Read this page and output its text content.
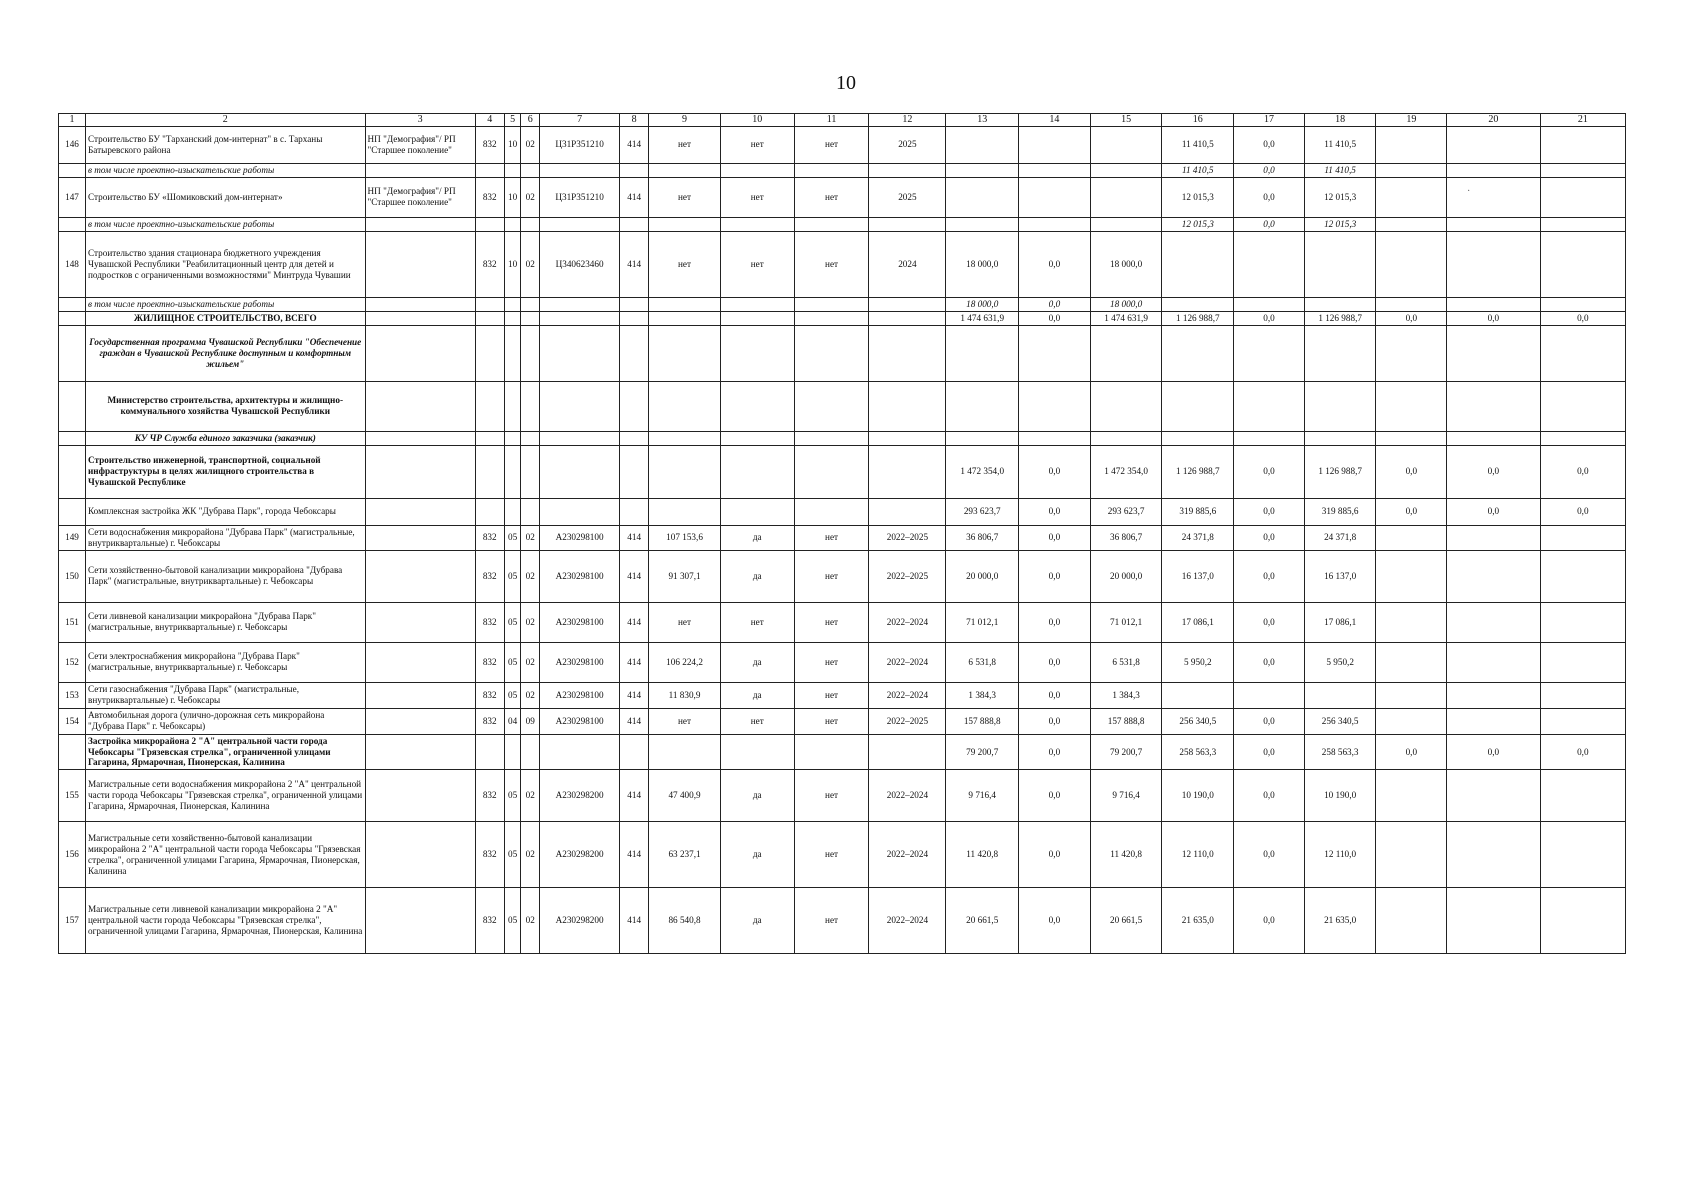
10
·
1	2	3	4	5	6	7	8	9	10	11	12	13	14	15	16	17	18	19	20	21
146	Строительство БУ "Тарханский дом-интернат" в с. Тарханы Батыревского района	НП "Демография"/ РП "Старшее поколение"	832	10	02	Ц31P351210	414	нет	нет	нет	2025				11 410,5	0,0	11 410,5			
	в том числе проектно-изыскательские работы														11 410,5	0,0	11 410,5			
147	Строительство БУ «Шомиковский дом-интернат»	НП "Демография"/ РП "Старшее поколение"	832	10	02	Ц31P351210	414	нет	нет	нет	2025				12 015,3	0,0	12 015,3			
	в том числе проектно-изыскательские работы														12 015,3	0,0	12 015,3			
148	Строительство здания стационара бюджетного учреждения Чувашской Республики "Реабилитационный центр для детей и подростков с ограниченными возможностями" Минтруда Чувашии		832	10	02	Ц340623460	414	нет	нет	нет	2024	18 000,0	0,0	18 000,0						
	в том числе проектно-изыскательские работы											18 000,0	0,0	18 000,0						
	ЖИЛИЩНОЕ СТРОИТЕЛЬСТВО, ВСЕГО											1 474 631,9	0,0	1 474 631,9	1 126 988,7	0,0	1 126 988,7	0,0	0,0	0,0
	Государственная программа Чувашской Республики "Обеспечение граждан в Чувашской Республике доступным и комфортным жильем"																			
	Министерство строительства, архитектуры и жилищно-коммунального хозяйства Чувашской Республики																			
	КУ ЧР Служба единого заказчика (заказчик)																			
	Строительство инженерной, транспортной, социальной инфраструктуры в целях жилищного строительства в Чувашской Республике											1 472 354,0	0,0	1 472 354,0	1 126 988,7	0,0	1 126 988,7	0,0	0,0	0,0
	Комплексная застройка ЖК "Дубрава Парк", города Чебоксары											293 623,7	0,0	293 623,7	319 885,6	0,0	319 885,6	0,0	0,0	0,0
149	Сети водоснабжения микрорайона "Дубрава Парк" (магистральные, внутриквартальные) г. Чебоксары		832	05	02	А230298100	414	107 153,6	да	нет	2022–2025	36 806,7	0,0	36 806,7	24 371,8	0,0	24 371,8			
150	Сети хозяйственно-бытовой канализации микрорайона "Дубрава Парк" (магистральные, внутриквартальные) г. Чебоксары		832	05	02	А230298100	414	91 307,1	да	нет	2022–2025	20 000,0	0,0	20 000,0	16 137,0	0,0	16 137,0			
151	Сети ливневой канализации микрорайона "Дубрава Парк" (магистральные, внутриквартальные) г. Чебоксары		832	05	02	А230298100	414	нет	нет	нет	2022–2024	71 012,1	0,0	71 012,1	17 086,1	0,0	17 086,1			
152	Сети электроснабжения микрорайона "Дубрава Парк" (магистральные, внутриквартальные) г. Чебоксары		832	05	02	А230298100	414	106 224,2	да	нет	2022–2024	6 531,8	0,0	6 531,8	5 950,2	0,0	5 950,2			
153	Сети газоснабжения "Дубрава Парк" (магистральные, внутриквартальные) г. Чебоксары		832	05	02	А230298100	414	11 830,9	да	нет	2022–2024	1 384,3	0,0	1 384,3						
154	Автомобильная дорога (улично-дорожная сеть микрорайона "Дубрава Парк" г. Чебоксары)		832	04	09	А230298100	414	нет	нет	нет	2022–2025	157 888,8	0,0	157 888,8	256 340,5	0,0	256 340,5			
	Застройка микрорайона 2 "А" центральной части города Чебоксары "Грязевская стрелка", ограниченной улицами Гагарина, Ярмарочная, Пионерская, Калинина											79 200,7	0,0	79 200,7	258 563,3	0,0	258 563,3	0,0	0,0	0,0
155	Магистральные сети водоснабжения микрорайона 2 "А" центральной части города Чебоксары "Грязевская стрелка", ограниченной улицами Гагарина, Ярмарочная, Пионерская, Калинина		832	05	02	А230298200	414	47 400,9	да	нет	2022–2024	9 716,4	0,0	9 716,4	10 190,0	0,0	10 190,0			
156	Магистральные сети хозяйственно-бытовой канализации микрорайона 2 "А" центральной части города Чебоксары "Грязевская стрелка", ограниченной улицами Гагарина, Ярмарочная, Пионерская, Калинина		832	05	02	А230298200	414	63 237,1	да	нет	2022–2024	11 420,8	0,0	11 420,8	12 110,0	0,0	12 110,0			
157	Магистральные сети ливневой канализации микрорайона 2 "А" центральной части города Чебоксары "Грязевская стрелка", ограниченной улицами Гагарина, Ярмарочная, Пионерская, Калинина		832	05	02	А230298200	414	86 540,8	да	нет	2022–2024	20 661,5	0,0	20 661,5	21 635,0	0,0	21 635,0			
